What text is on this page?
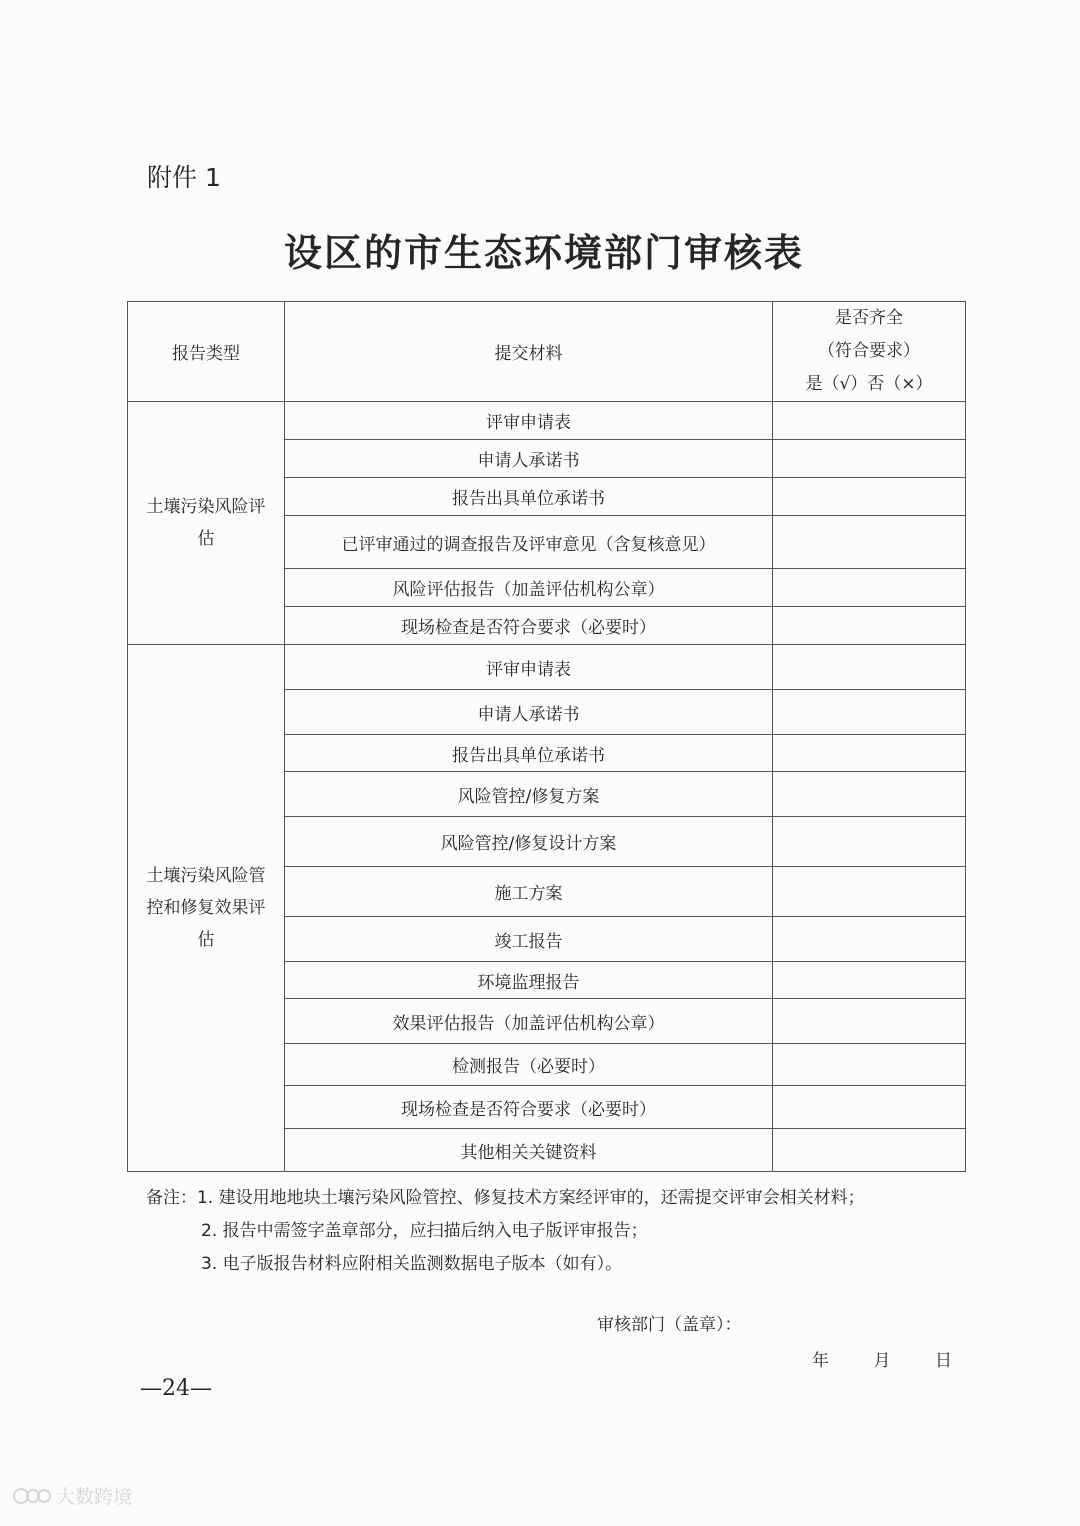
附件 1
设区的市生态环境部门审核表
报告类型	提交材料	是否齐全
（符合要求）
是（√）否（×）

土壤污染风险评
估	评审申请表	
	申请人承诺书	
	报告出具单位承诺书	
	已评审通过的调查报告及评审意见（含复核意见）	
	风险评估报告（加盖评估机构公章）	
	现场检查是否符合要求（必要时）	

土壤污染风险管
控和修复效果评
估	评审申请表	
	申请人承诺书	
	报告出具单位承诺书	
	风险管控/修复方案	
	风险管控/修复设计方案	
	施工方案	
	竣工报告	
	环境监理报告	
	效果评估报告（加盖评估机构公章）	
	检测报告（必要时）	
	现场检查是否符合要求（必要时）	
	其他相关关键资料	
备注：1. 建设用地地块土壤污染风险管控、修复技术方案经评审的，还需提交评审会相关材料；
2. 报告中需签字盖章部分，应扫描后纳入电子版评审报告；
3. 电子版报告材料应附相关监测数据电子版本（如有）。
审核部门（盖章）：
年	月	日
—24—
大数跨境
